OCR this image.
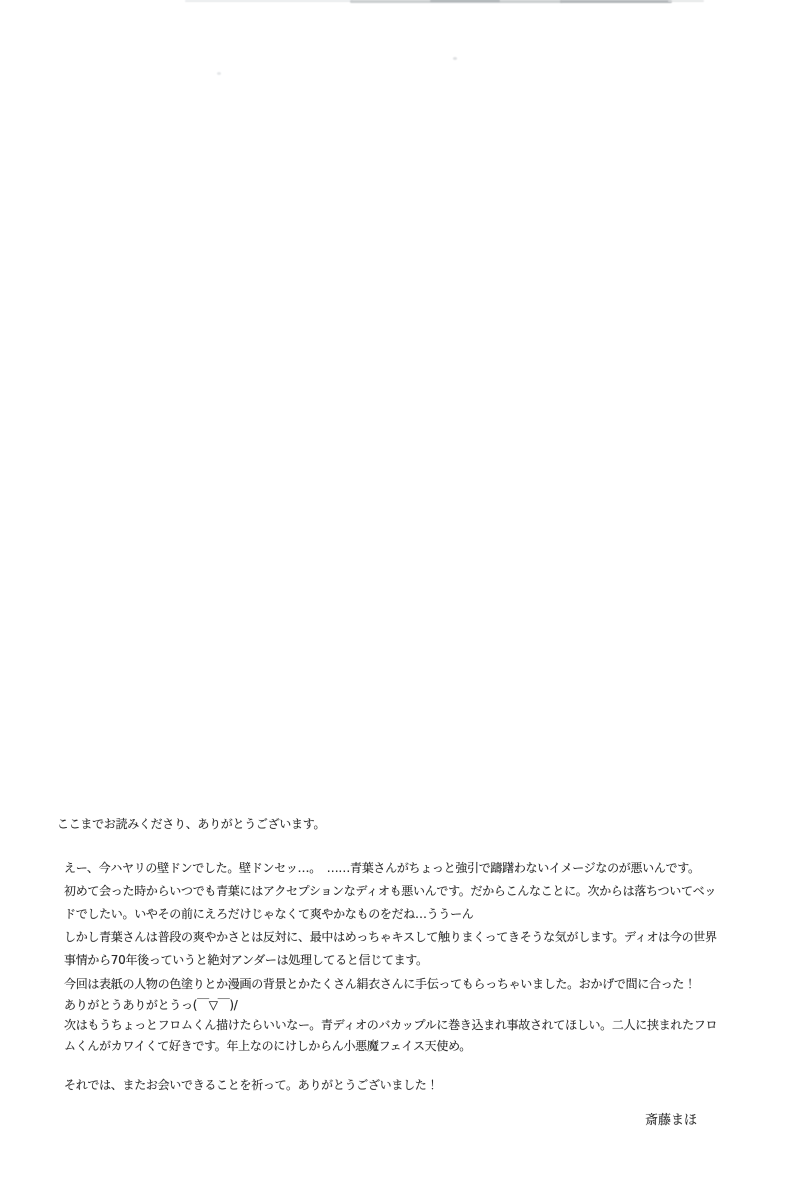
ここまでお読みくださり、ありがとうございます。

えー、今ハヤリの壁ドンでした。壁ドンセッ…。　……青葉さんがちょっと強引で躊躇わないイメージなのが悪いんです。
初めて会った時からいつでも青葉にはアクセプションなディオも悪いんです。だからこんなことに。次からは落ちついてベッ
ドでしたい。いやその前にえろだけじゃなくて爽やかなものをだね…ううーん
しかし青葉さんは普段の爽やかさとは反対に、最中はめっちゃキスして触りまくってきそうな気がします。ディオは今の世界
事情から70年後っていうと絶対アンダーは処理してると信じてます。
今回は表紙の人物の色塗りとか漫画の背景とかたくさん絹衣さんに手伝ってもらっちゃいました。おかげで間に合った！
ありがとうありがとうっ(￣▽￣)/
次はもうちょっとフロムくん描けたらいいなー。青ディオのバカップルに巻き込まれ事故されてほしい。二人に挟まれたフロ
ムくんがカワイくて好きです。年上なのにけしからん小悪魔フェイス天使め。

それでは、またお会いできることを祈って。ありがとうございました！

斎藤まほ
